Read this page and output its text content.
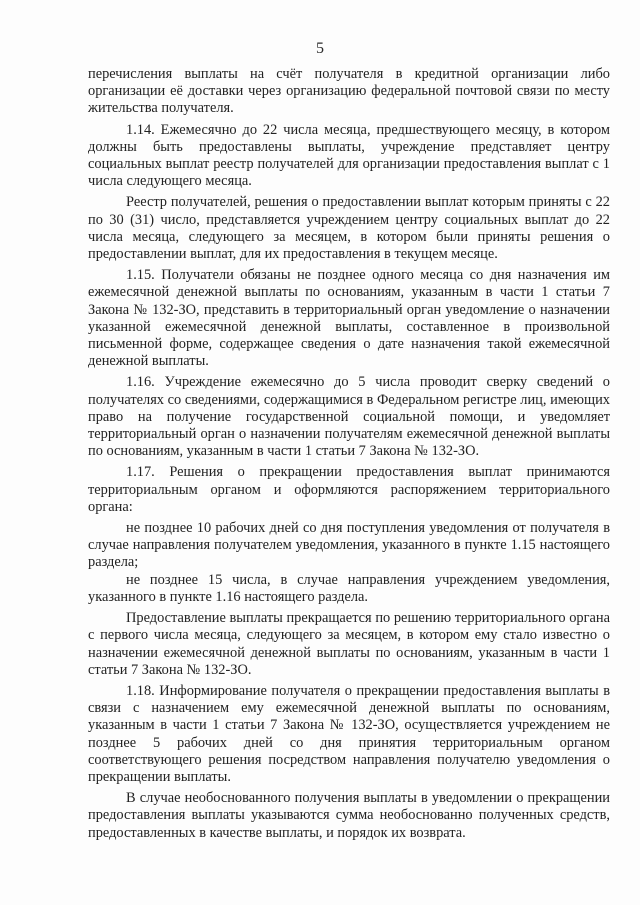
5

перечисления выплаты на счёт получателя в кредитной организации либо организации её доставки через организацию федеральной почтовой связи по месту жительства получателя.

1.14. Ежемесячно до 22 числа месяца, предшествующего месяцу, в котором должны быть предоставлены выплаты, учреждение представляет центру социальных выплат реестр получателей для организации предоставления выплат с 1 числа следующего месяца.

Реестр получателей, решения о предоставлении выплат которым приняты с 22 по 30 (31) число, представляется учреждением центру социальных выплат до 22 числа месяца, следующего за месяцем, в котором были приняты решения о предоставлении выплат, для их предоставления в текущем месяце.

1.15. Получатели обязаны не позднее одного месяца со дня назначения им ежемесячной денежной выплаты по основаниям, указанным в части 1 статьи 7 Закона № 132-ЗО, представить в территориальный орган уведомление о назначении указанной ежемесячной денежной выплаты, составленное в произвольной письменной форме, содержащее сведения о дате назначения такой ежемесячной денежной выплаты.

1.16. Учреждение ежемесячно до 5 числа проводит сверку сведений о получателях со сведениями, содержащимися в Федеральном регистре лиц, имеющих право на получение государственной социальной помощи, и уведомляет территориальный орган о назначении получателям ежемесячной денежной выплаты по основаниям, указанным в части 1 статьи 7 Закона № 132-ЗО.

1.17. Решения о прекращении предоставления выплат принимаются территориальным органом и оформляются распоряжением территориального органа:

не позднее 10 рабочих дней со дня поступления уведомления от получателя в случае направления получателем уведомления, указанного в пункте 1.15 настоящего раздела;

не позднее 15 числа, в случае направления учреждением уведомления, указанного в пункте 1.16 настоящего раздела.

Предоставление выплаты прекращается по решению территориального органа с первого числа месяца, следующего за месяцем, в котором ему стало известно о назначении ежемесячной денежной выплаты по основаниям, указанным в части 1 статьи 7 Закона № 132-ЗО.

1.18. Информирование получателя о прекращении предоставления выплаты в связи с назначением ему ежемесячной денежной выплаты по основаниям, указанным в части 1 статьи 7 Закона № 132-ЗО, осуществляется учреждением не позднее 5 рабочих дней со дня принятия территориальным органом соответствующего решения посредством направления получателю уведомления о прекращении выплаты.

В случае необоснованного получения выплаты в уведомлении о прекращении предоставления выплаты указываются сумма необоснованно полученных средств, предоставленных в качестве выплаты, и порядок их возврата.
